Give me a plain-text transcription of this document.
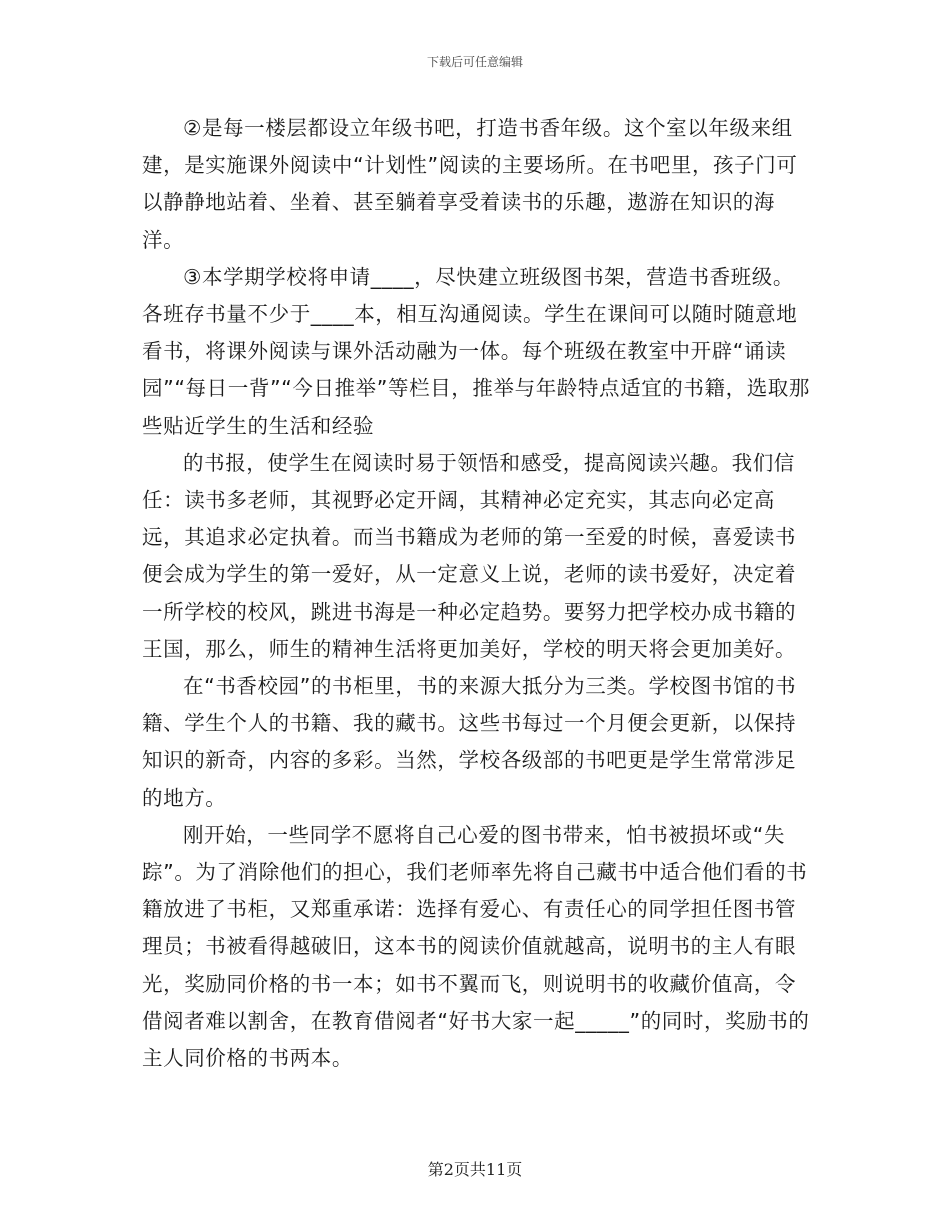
下载后可任意编辑

②是每一楼层都设立年级书吧，打造书香年级。这个室以年级来组建，是实施课外阅读中“计划性”阅读的主要场所。在书吧里，孩子门可以静静地站着、坐着、甚至躺着享受着读书的乐趣，遨游在知识的海洋。

③本学期学校将申请____，尽快建立班级图书架，营造书香班级。各班存书量不少于____本，相互沟通阅读。学生在课间可以随时随意地看书，将课外阅读与课外活动融为一体。每个班级在教室中开辟“诵读园”“每日一背”“今日推举”等栏目，推举与年龄特点适宜的书籍，选取那些贴近学生的生活和经验

的书报，使学生在阅读时易于领悟和感受，提高阅读兴趣。我们信任：读书多老师，其视野必定开阔，其精神必定充实，其志向必定高远，其追求必定执着。而当书籍成为老师的第一至爱的时候，喜爱读书便会成为学生的第一爱好，从一定意义上说，老师的读书爱好，决定着一所学校的校风，跳进书海是一种必定趋势。要努力把学校办成书籍的王国，那么，师生的精神生活将更加美好，学校的明天将会更加美好。

在“书香校园”的书柜里，书的来源大抵分为三类。学校图书馆的书籍、学生个人的书籍、我的藏书。这些书每过一个月便会更新，以保持知识的新奇，内容的多彩。当然，学校各级部的书吧更是学生常常涉足的地方。

刚开始，一些同学不愿将自己心爱的图书带来，怕书被损坏或“失踪”。为了消除他们的担心，我们老师率先将自己藏书中适合他们看的书籍放进了书柜，又郑重承诺：选择有爱心、有责任心的同学担任图书管理员；书被看得越破旧，这本书的阅读价值就越高，说明书的主人有眼光，奖励同价格的书一本；如书不翼而飞，则说明书的收藏价值高，令借阅者难以割舍，在教育借阅者“好书大家一起_____”的同时，奖励书的主人同价格的书两本。

第2页共11页
